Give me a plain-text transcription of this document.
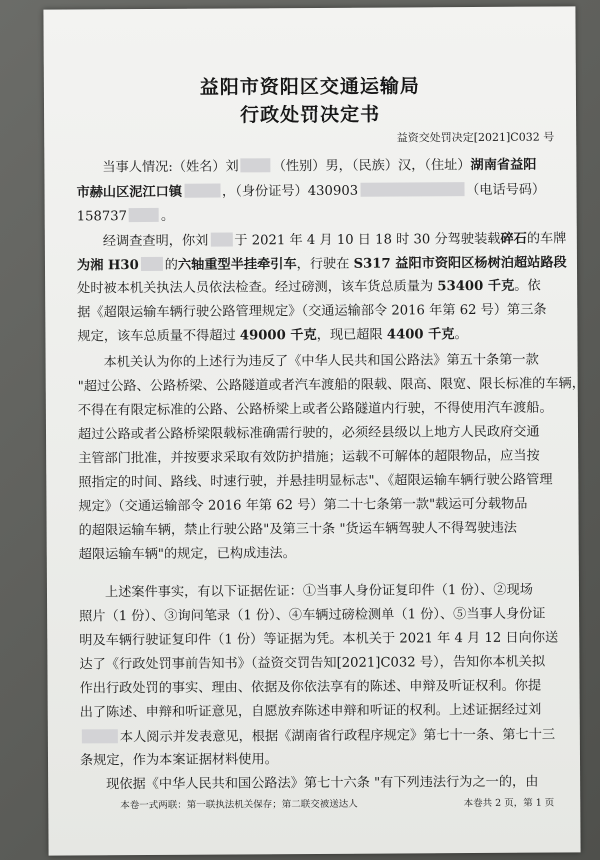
益阳市资阳区交通运输局
行政处罚决定书
益资交处罚决定[2021]C032 号
当事人情况:（姓名）刘	（性别）男，（民族）汉，（住址）湖南省益阳
市赫山区泥江口镇	，（身份证号）430903	（电话号码）
158737	。
经调查查明，你刘 于 2021 年 4 月 10 日 18 时 30 分驾驶装载碎石的车牌
为湘 H30 的六轴重型半挂牵引车，行驶在 S317 益阳市资阳区杨树泊超站路段
处时被本机关执法人员依法检查。经过磅测，该车货总质量为 53400 千克。依
据《超限运输车辆行驶公路管理规定》（交通运输部令 2016 年第 62 号）第三条
规定，该车总质量不得超过 49000 千克，现已超限 4400 千克。
本机关认为你的上述行为违反了《中华人民共和国公路法》第五十条第一款
"超过公路、公路桥梁、公路隧道或者汽车渡船的限载、限高、限宽、限长标准的车辆，
不得在有限定标准的公路、公路桥梁上或者公路隧道内行驶，不得使用汽车渡船。
超过公路或者公路桥梁限载标准确需行驶的，必须经县级以上地方人民政府交通
主管部门批准，并按要求采取有效防护措施；运载不可解体的超限物品，应当按
照指定的时间、路线、时速行驶，并悬挂明显标志"、《超限运输车辆行驶公路管理
规定》（交通运输部令 2016 年第 62 号）第二十七条第一款"载运可分载物品
的超限运输车辆，禁止行驶公路"及第三十条 "货运车辆驾驶人不得驾驶违法
超限运输车辆"的规定，已构成违法。
上述案件事实，有以下证据佐证：①当事人身份证复印件（1 份）、②现场
照片（1 份）、③询问笔录（1 份）、④车辆过磅检测单（1 份）、⑤当事人身份证
明及车辆行驶证复印件（1 份）等证据为凭。本机关于 2021 年 4 月 12 日向你送
达了《行政处罚事前告知书》（益资交罚告知[2021]C032 号），告知你本机关拟
作出行政处罚的事实、理由、依据及你依法享有的陈述、申辩及听证权利。你提
出了陈述、申辩和听证意见，自愿放弃陈述申辩和听证的权利。上述证据经过刘
本人阅示并发表意见，根据《湖南省行政程序规定》第七十一条、第七十三
条规定，作为本案证据材料使用。
现依据《中华人民共和国公路法》第七十六条 "有下列违法行为之一的，由
本卷一式两联：第一联执法机关保存；第二联交被送达人	本卷共 2 页，第 1 页
